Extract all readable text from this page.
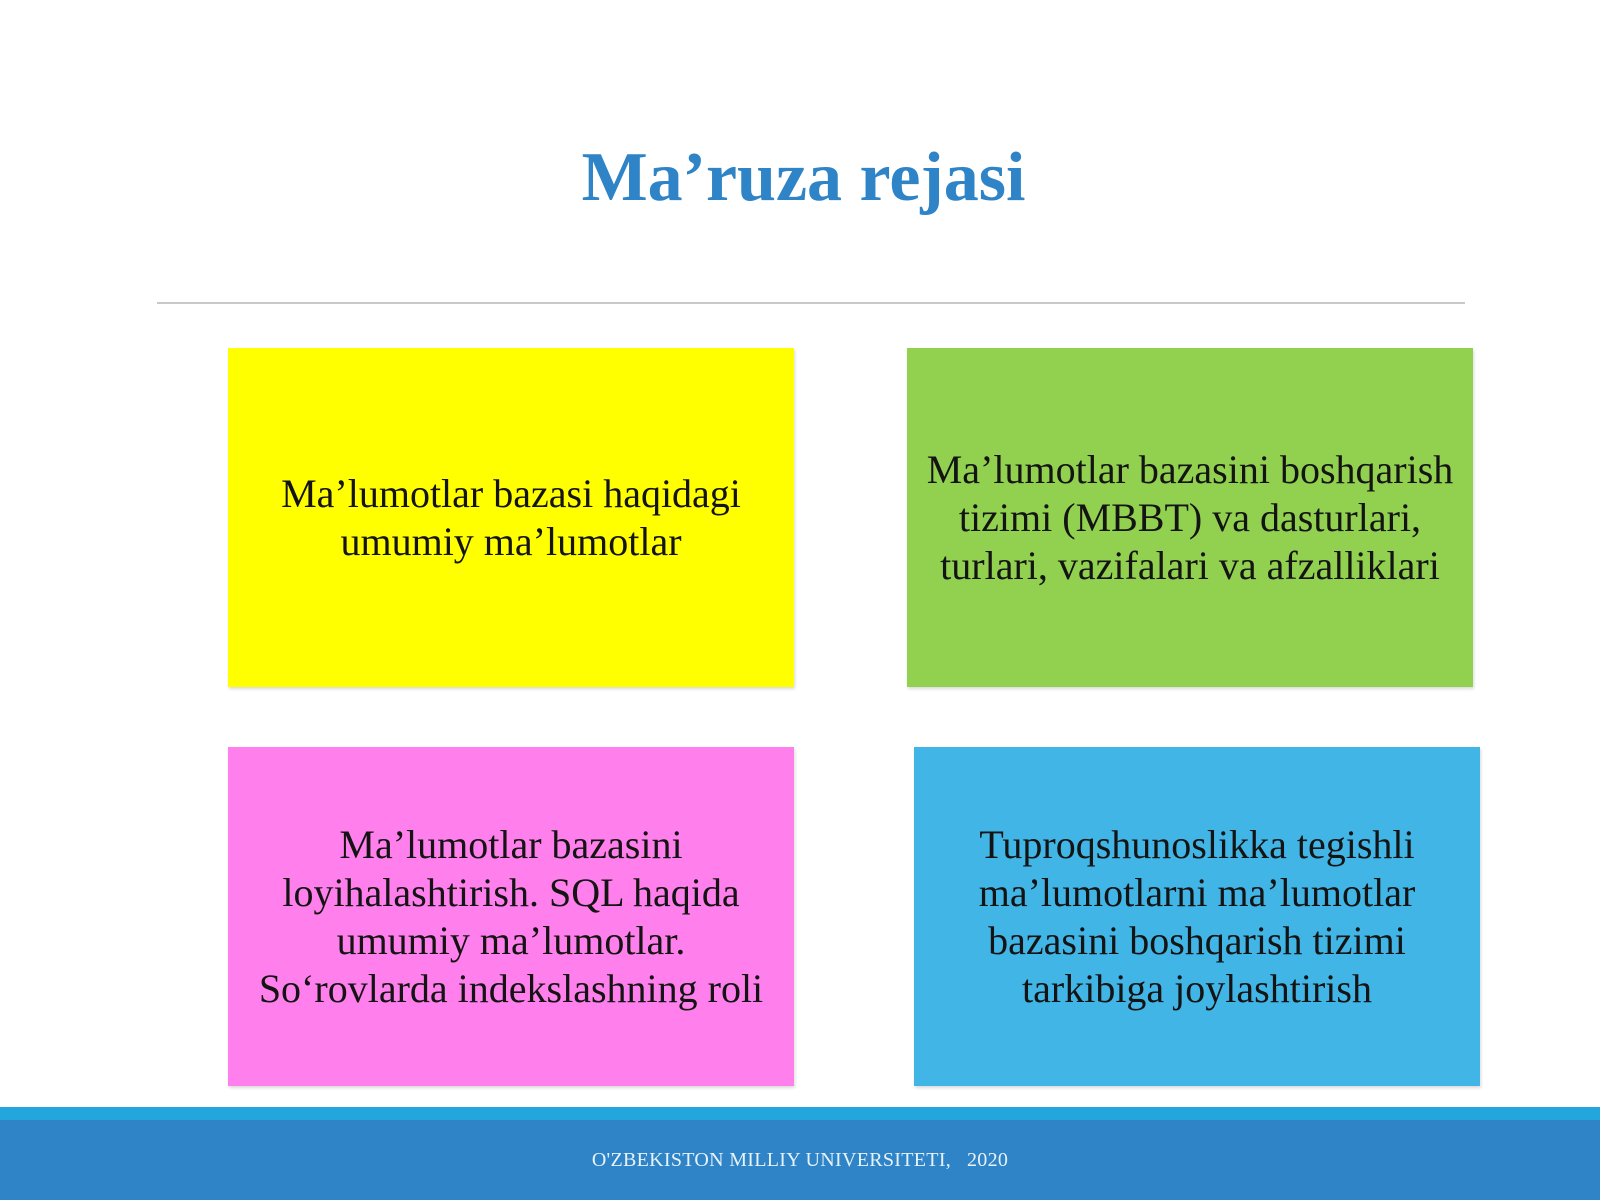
Ma’ruza rejasi
Ma’lumotlar bazasi haqidagi umumiy ma’lumotlar
Ma’lumotlar bazasini boshqarish tizimi (MBBT) va dasturlari, turlari, vazifalari va afzalliklari
Ma’lumotlar bazasini loyihalashtirish. SQL haqida umumiy ma’lumotlar. So‘rovlarda indekslashning roli
Tuproqshunoslikka tegishli ma’lumotlarni ma’lumotlar bazasini boshqarish tizimi tarkibiga joylashtirish
O'ZBEKISTON MILLIY UNIVERSITETI,   2020
